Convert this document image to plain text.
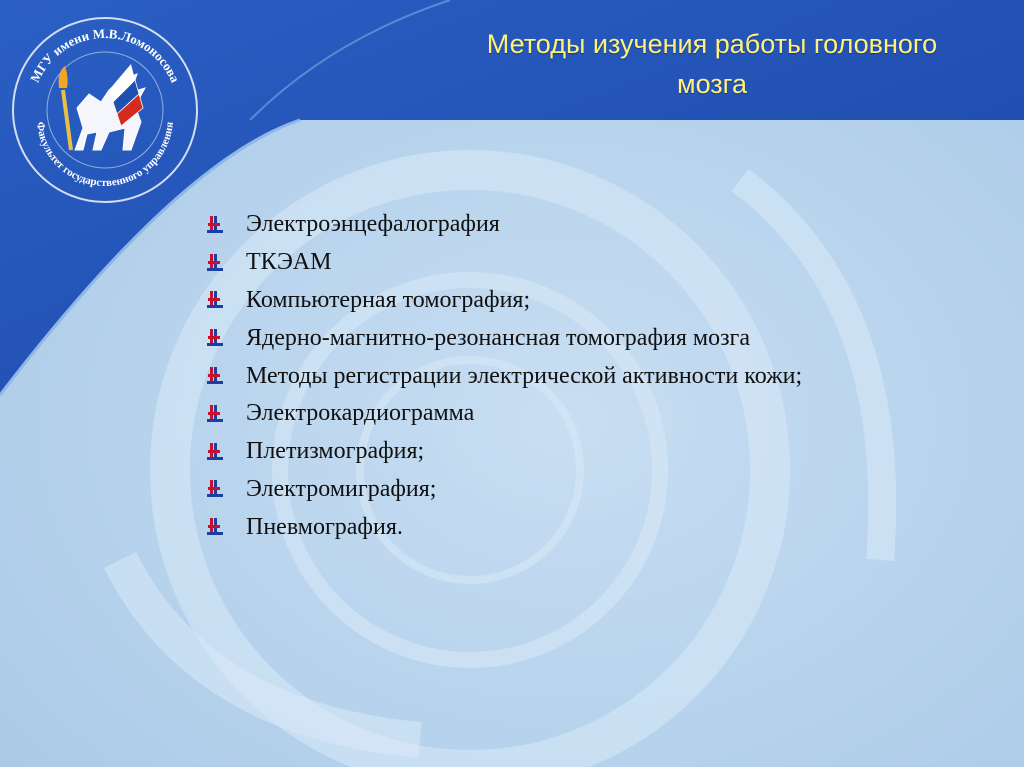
МГУ имени М.В.Ломоносова
Факультет государственного управления
Методы изучения работы головного
мозга
Электроэнцефалография
ТКЭАМ
Компьютерная томография;
Ядерно-магнитно-резонансная томография мозга
Методы регистрации электрической активности кожи;
Электрокардиограмма
Плетизмография;
Электромиграфия;
Пневмография.
